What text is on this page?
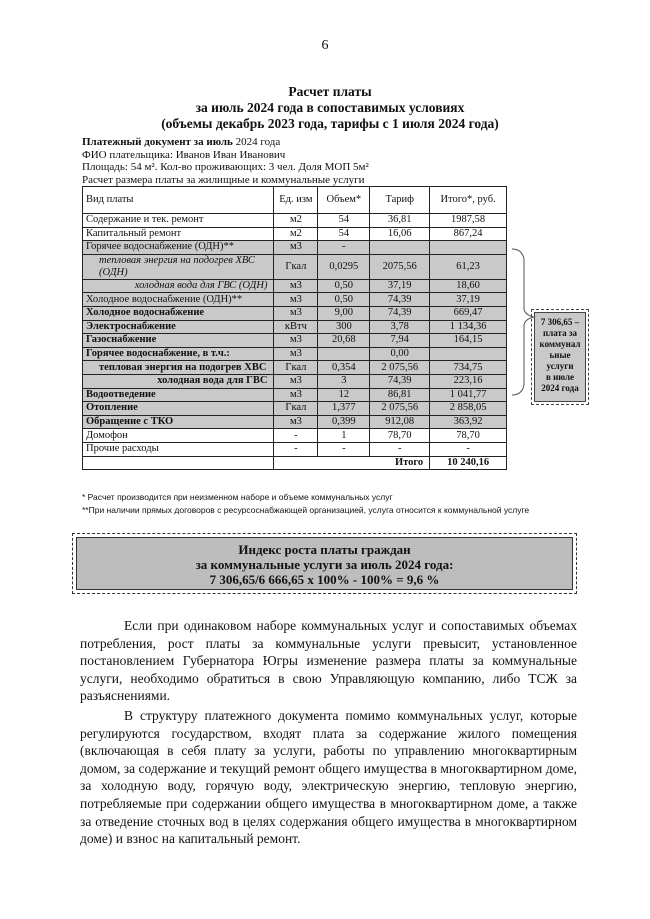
6
Расчет платы
за июль 2024 года в сопоставимых условиях
(объемы декабрь 2023 года, тарифы с 1 июля 2024 года)
Платежный документ за июль 2024 года
ФИО плательщика: Иванов Иван Иванович
Площадь: 54 м². Кол-во проживающих: 3 чел. Доля МОП 5м²
Расчет размера платы за жилищные и коммунальные услуги
Вид платы	Ед. изм	Объем*	Тариф	Итого*, руб.
Содержание и тек. ремонт	м2	54	36,81	1987,58
Капитальный ремонт	м2	54	16,06	867,24
Горячее водоснабжение (ОДН)**	м3	-		
тепловая энергия на подогрев ХВС (ОДН)	Гкал	0,0295	2075,56	61,23
холодная вода для ГВС (ОДН)	м3	0,50	37,19	18,60
Холодное водоснабжение (ОДН)**	м3	0,50	74,39	37,19
Холодное водоснабжение	м3	9,00	74,39	669,47
Электроснабжение	кВтч	300	3,78	1 134,36
Газоснабжение	м3	20,68	7,94	164,15
Горячее водоснабжение, в т.ч.:	м3		0,00	
тепловая энергия на подогрев ХВС	Гкал	0,354	2 075,56	734,75
холодная вода для ГВС	м3	3	74,39	223,16
Водоотведение	м3	12	86,81	1 041,77
Отопление	Гкал	1,377	2 075,56	2 858,05
Обращение с ТКО	м3	0,399	912,08	363,92
Домофон	-	1	78,70	78,70
Прочие расходы	-	-	-	-
	Итого			10 240,16
7 306,65 –
плата за
коммунал
ьные
услуги
в июле
2024 года
* Расчет производится при неизменном наборе и объеме коммунальных услуг
**При наличии прямых договоров с ресурсоснабжающей организацией, услуга относится к коммунальной услуге
Индекс роста платы граждан
за коммунальные услуги за июль 2024 года:
7 306,65/6 666,65 х 100% - 100% = 9,6 %

Если при одинаковом наборе коммунальных услуг и сопоставимых объемах потребления, рост платы за коммунальные услуги превысит, установленное постановлением Губернатора Югры изменение размера платы за коммунальные услуги, необходимо обратиться в свою Управляющую компанию, либо ТСЖ за разъяснениями.

В структуру платежного документа помимо коммунальных услуг, которые регулируются государством, входят плата за содержание жилого помещения (включающая в себя плату за услуги, работы по управлению многоквартирным домом, за содержание и текущий ремонт общего имущества в многоквартирном доме, за холодную воду, горячую воду, электрическую энергию, тепловую энергию, потребляемые при содержании общего имущества в многоквартирном доме, а также за отведение сточных вод в целях содержания общего имущества в многоквартирном доме) и взнос на капитальный ремонт.
